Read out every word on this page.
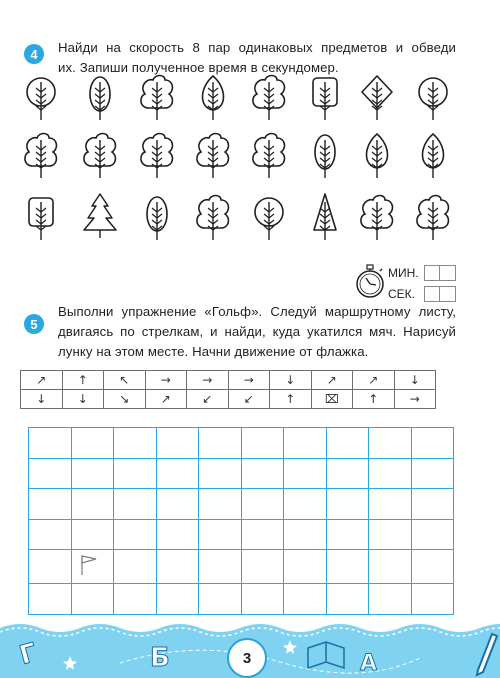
4	Найди на скорость 8 пар одинаковых предметов и обведи
их. Запиши полученное время в секундомер.
МИН.
СЕК.
5
Выполни упражнение «Гольф». Следуй маршрутному листу,
двигаясь по стрелкам, и найди, куда укатился мяч. Нарисуй
лунку на этом месте. Начни движение от флажка.
↗	↑	↖	→	→	→	↓	↗	↗	↓
↓	↓	↘	↗	↙	↙	↑	⌧	↑	→

Г	Б	А
3
